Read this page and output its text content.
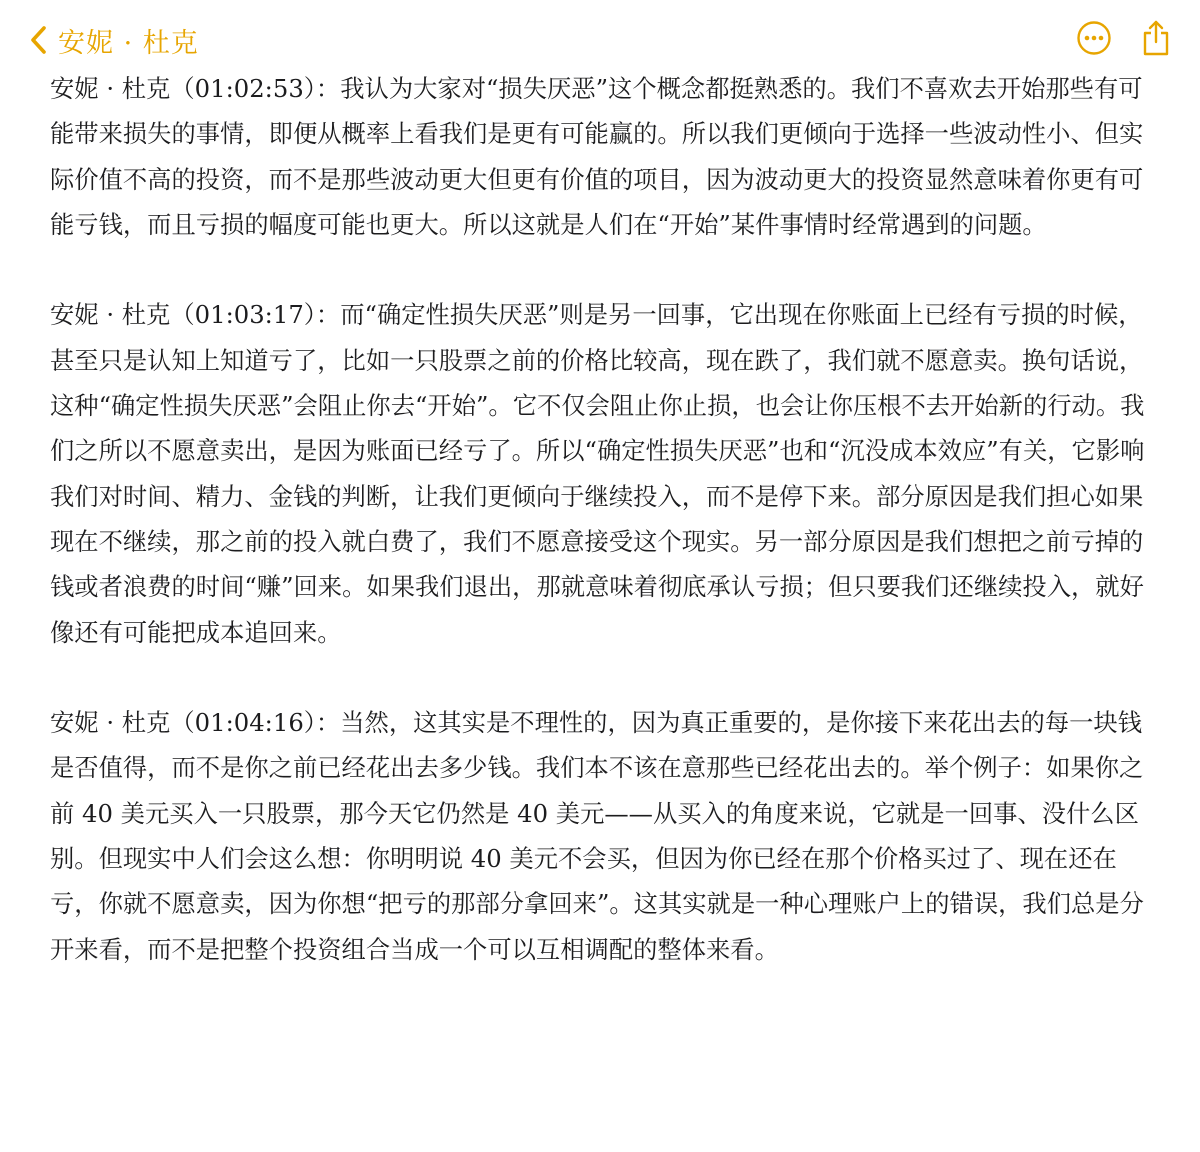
安妮 · 杜克

安妮 · 杜克（01:02:53）：我认为大家对“损失厌恶”这个概念都挺熟悉的。我们不喜欢去开始那些有可能带来损失的事情，即便从概率上看我们是更有可能赢的。所以我们更倾向于选择一些波动性小、但实际价值不高的投资，而不是那些波动更大但更有价值的项目，因为波动更大的投资显然意味着你更有可能亏钱，而且亏损的幅度可能也更大。所以这就是人们在“开始”某件事情时经常遇到的问题。

安妮 · 杜克（01:03:17）：而“确定性损失厌恶”则是另一回事，它出现在你账面上已经有亏损的时候，甚至只是认知上知道亏了，比如一只股票之前的价格比较高，现在跌了，我们就不愿意卖。换句话说，这种“确定性损失厌恶”会阻止你去“开始”。它不仅会阻止你止损，也会让你压根不去开始新的行动。我们之所以不愿意卖出，是因为账面已经亏了。所以“确定性损失厌恶”也和“沉没成本效应”有关，它影响我们对时间、精力、金钱的判断，让我们更倾向于继续投入，而不是停下来。部分原因是我们担心如果现在不继续，那之前的投入就白费了，我们不愿意接受这个现实。另一部分原因是我们想把之前亏掉的钱或者浪费的时间“赚”回来。如果我们退出，那就意味着彻底承认亏损；但只要我们还继续投入，就好像还有可能把成本追回来。

安妮 · 杜克（01:04:16）：当然，这其实是不理性的，因为真正重要的，是你接下来花出去的每一块钱是否值得，而不是你之前已经花出去多少钱。我们本不该在意那些已经花出去的。举个例子：如果你之前 40 美元买入一只股票，那今天它仍然是 40 美元——从买入的角度来说，它就是一回事、没什么区别。但现实中人们会这么想：你明明说 40 美元不会买，但因为你已经在那个价格买过了、现在还在亏，你就不愿意卖，因为你想“把亏的那部分拿回来”。这其实就是一种心理账户上的错误，我们总是分开来看，而不是把整个投资组合当成一个可以互相调配的整体来看。
